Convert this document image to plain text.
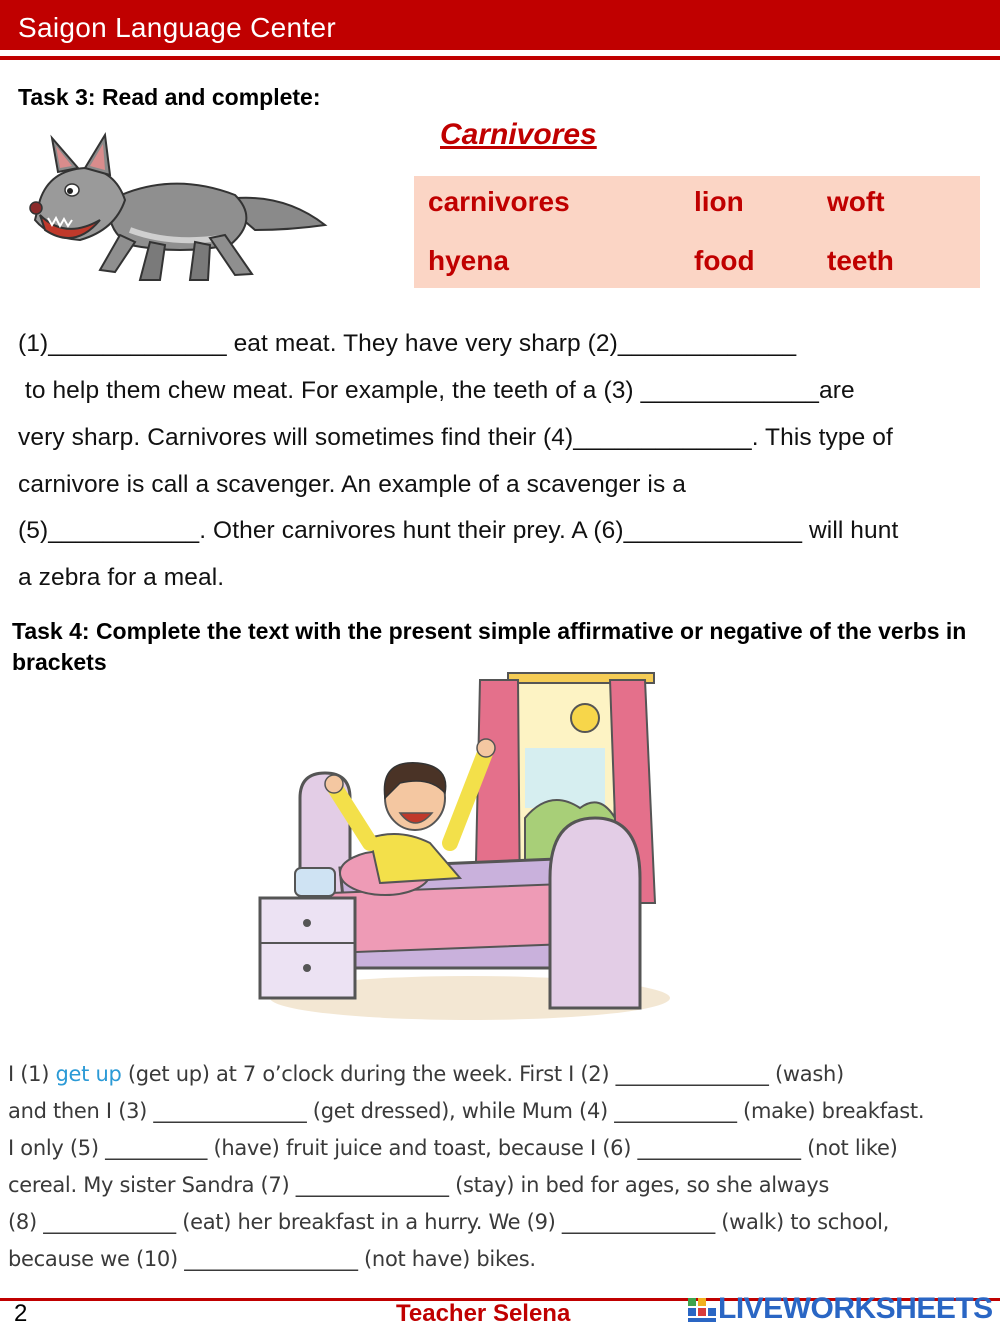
Saigon Language Center
Task 3: Read and complete:
Carnivores
carnivores	lion	woft
hyena	food	teeth
(1)_____________ eat meat. They have very sharp (2)_____________
to help them chew meat. For example, the teeth of a (3) _____________are
very sharp. Carnivores will sometimes find their (4)_____________. This type of
carnivore is call a scavenger. An example of a scavenger is a
(5)___________. Other carnivores hunt their prey. A (6)_____________ will hunt
a zebra for a meal.
Task 4: Complete the text with the present simple affirmative or negative of the verbs in brackets
I (1) get up (get up) at 7 o’clock during the week. First I (2) _______________ (wash)
and then I (3) _______________ (get dressed), while Mum (4) ____________ (make) breakfast.
I only (5) __________ (have) fruit juice and toast, because I (6) ________________ (not like)
cereal. My sister Sandra (7) _______________ (stay) in bed for ages, so she always
(8) _____________ (eat) her breakfast in a hurry. We (9) _______________ (walk) to school,
because we (10) _________________ (not have) bikes.
2	Teacher Selena	LIVEWORKSHEETS
